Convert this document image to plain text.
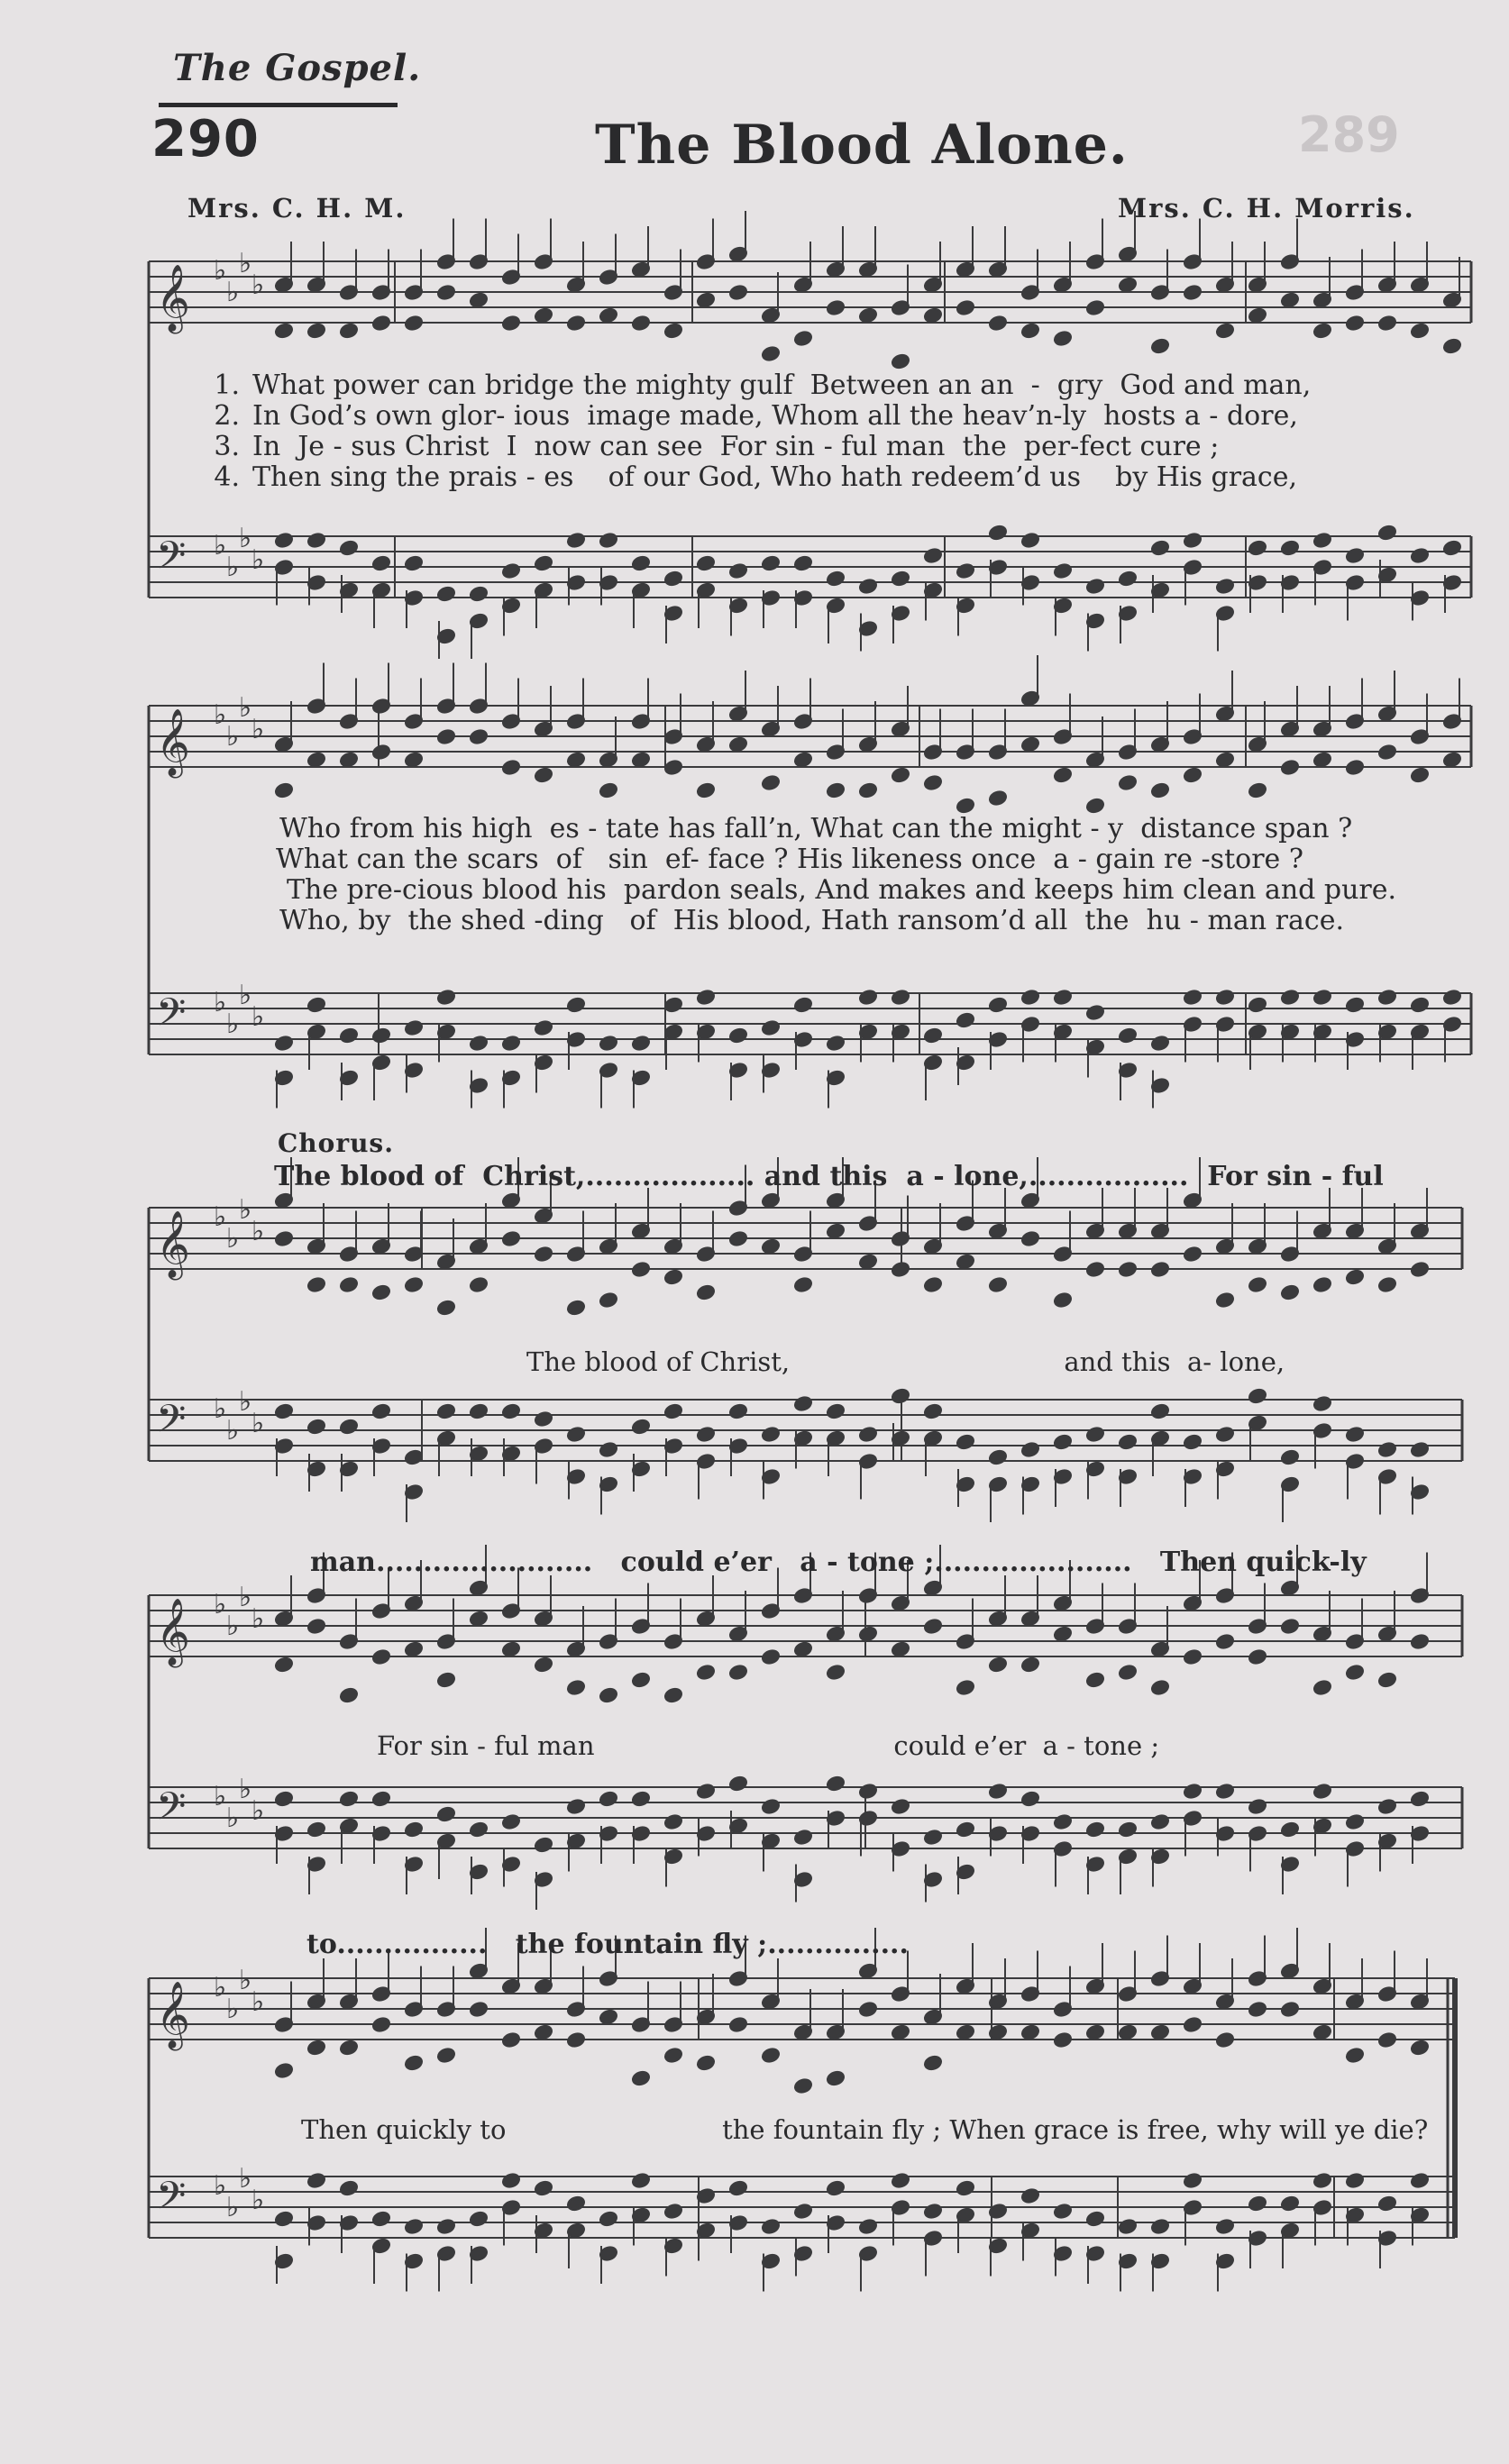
289
The Gospel.
290	The Blood Alone.
Mrs. C. H. M.	Mrs. C. H. Morris.
𝄞
𝄢
♭
♭
♭
♭
♭
♭
♭
♭
𝄞
𝄢
♭
♭
♭
♭
♭
♭
♭
♭
𝄞
𝄢
♭
♭
♭
♭
♭
♭
♭
♭
𝄞
𝄢
♭
♭
♭
♭
♭
♭
♭
♭
𝄞
𝄢
♭
♭
♭
♭
♭
♭
♭
♭
1. What power can bridge the mighty gulf  Between an an  -  gry  God and man,
2. In God’s own glor- ious  image made, Whom all the heav’n-ly  hosts a - dore,
3. In  Je - sus Christ  I  now can see  For sin - ful man  the  per-fect cure ;
4. Then sing the prais - es    of our God, Who hath redeem’d us    by His grace,
Who from his high  es - tate has fall’n, What can the might - y  distance span ?
What can the scars  of   sin  ef- face ? His likeness once  a - gain re -store ?
The pre-cious blood his  pardon seals, And makes and keeps him clean and pure.
Who, by  the shed -ding   of  His blood, Hath ransom’d all  the  hu - man race.
Chorus.
The blood of  Christ,.................. and this  a - lone,.................  For sin - ful
The blood of Christ,                                 and this  a- lone,
man.......................   could e’er   a - tone ;.....................   Then quick-ly
For sin - ful man                                    could e’er  a - tone ;
to................   the fountain fly ;...............
Then quickly to                          the fountain fly ; When grace is free, why will ye die?
